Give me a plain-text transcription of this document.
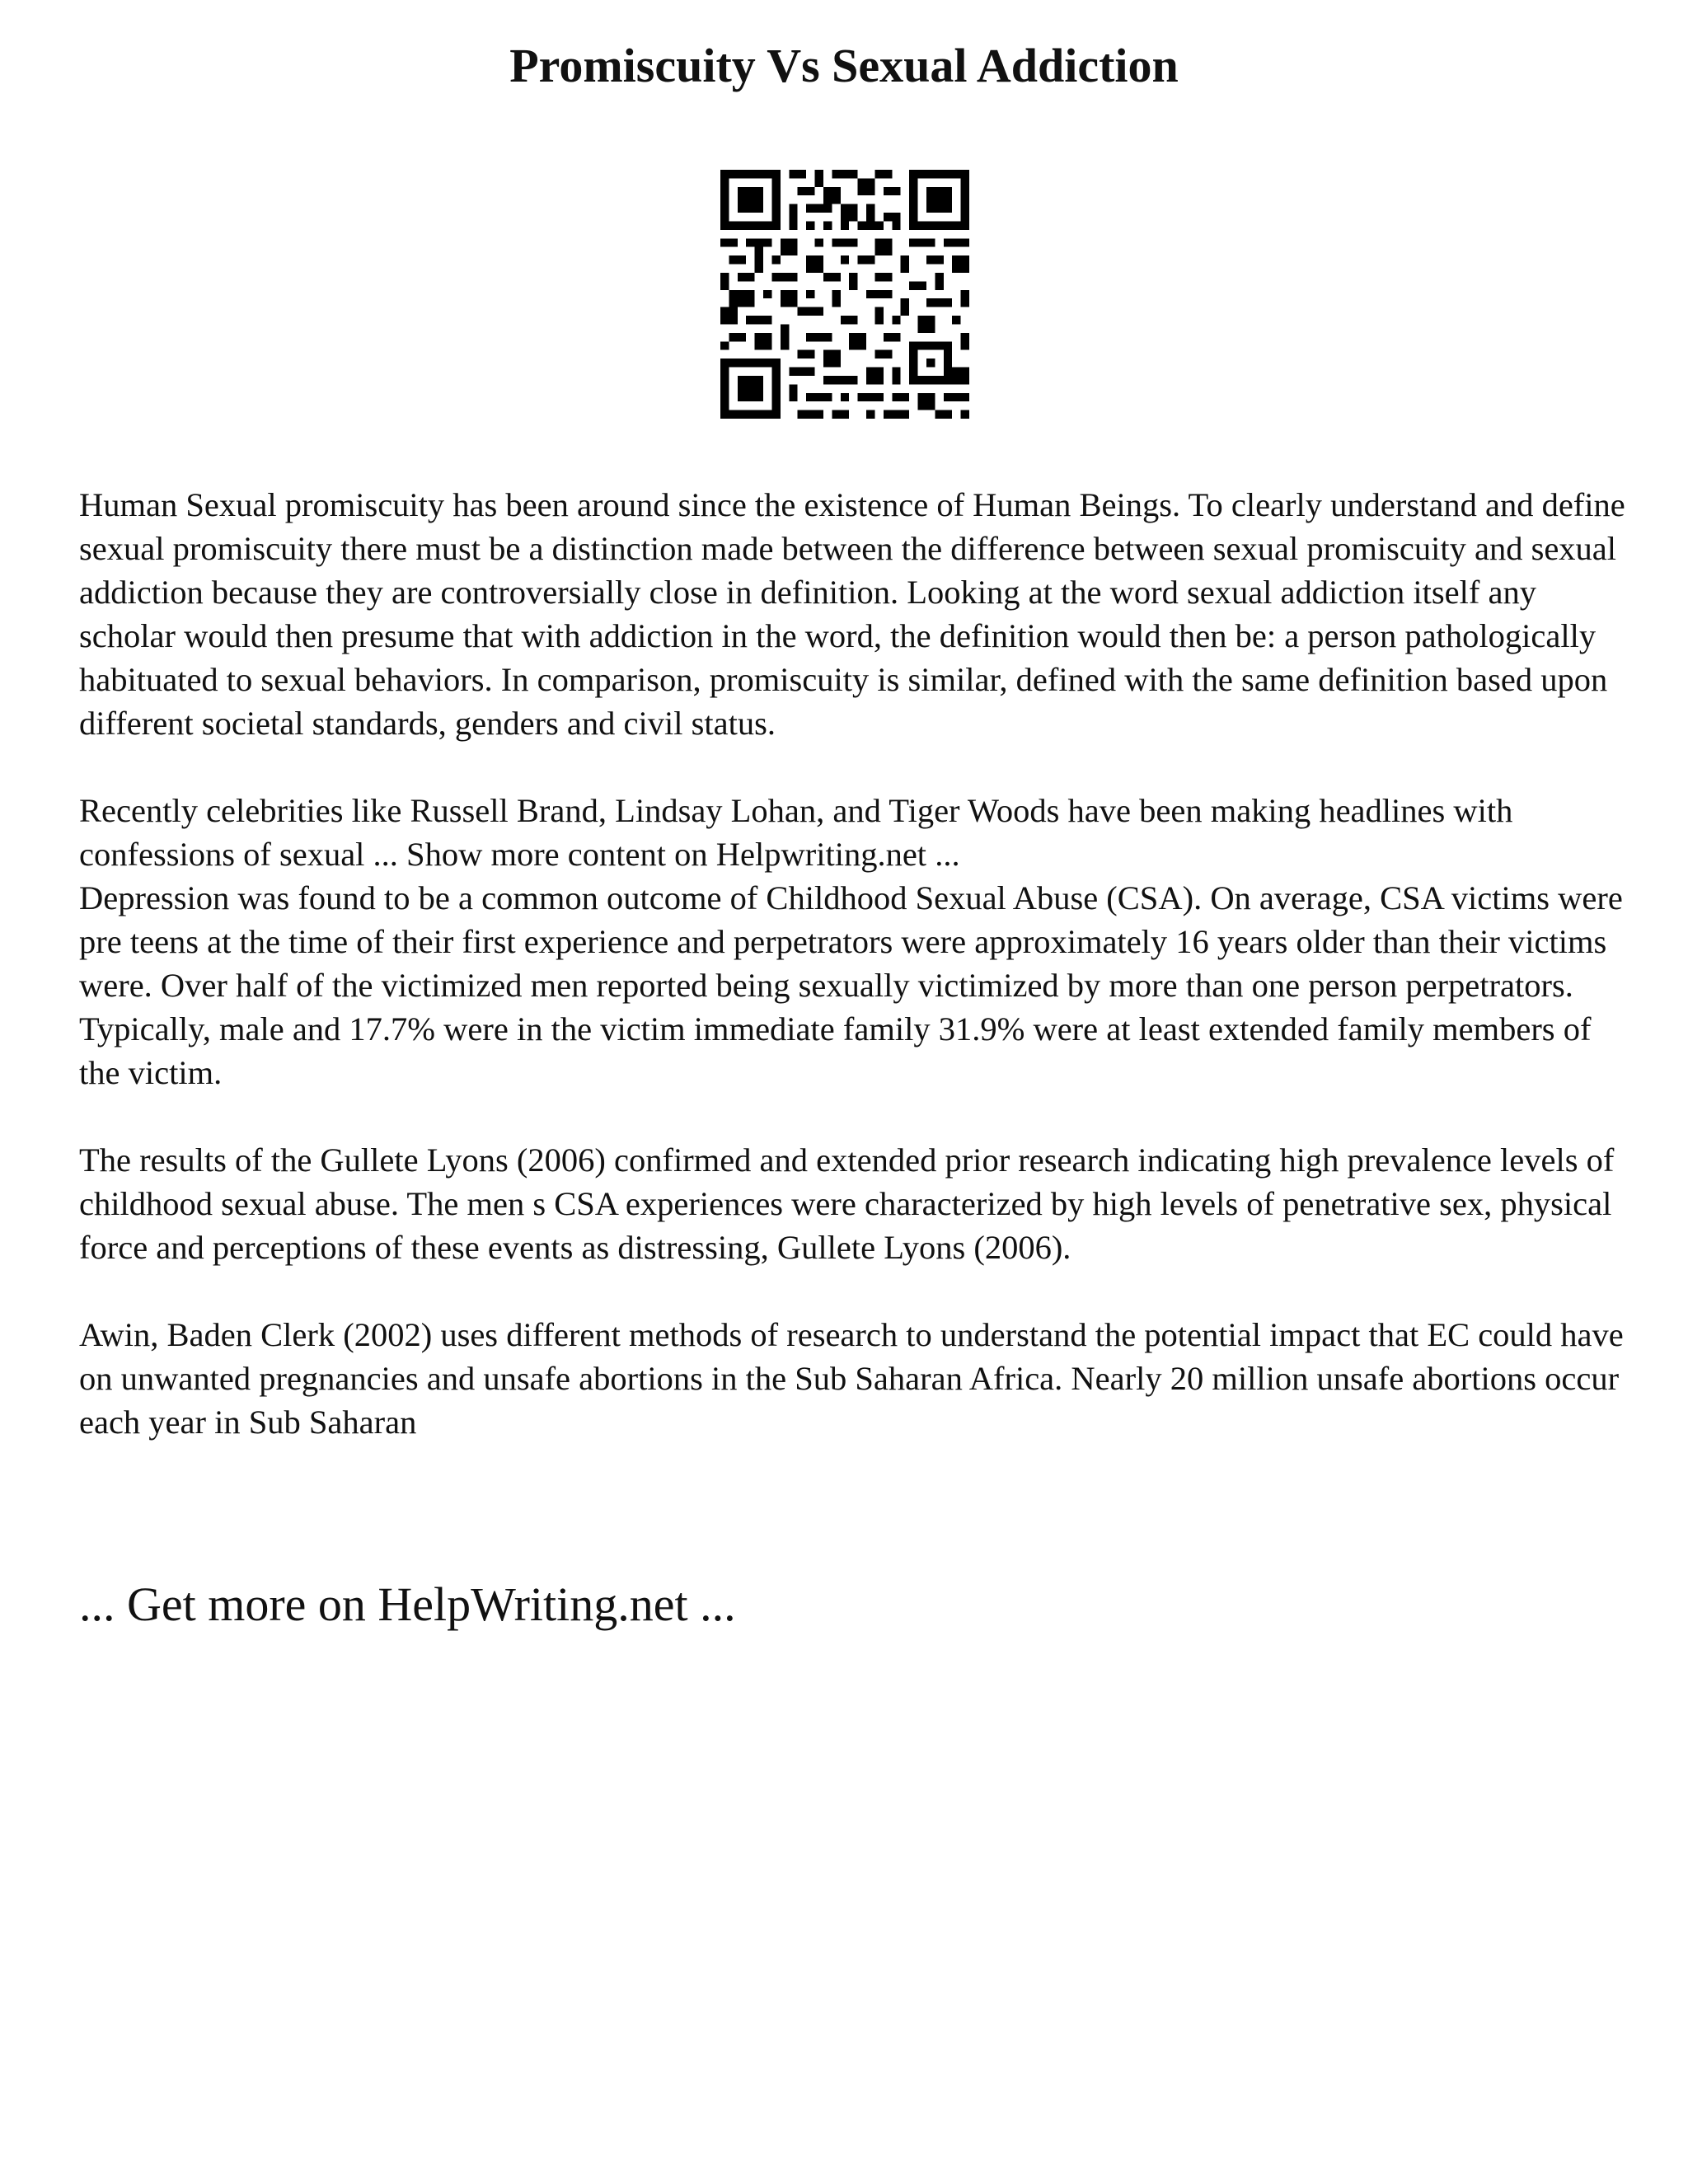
Promiscuity Vs Sexual Addiction

Human Sexual promiscuity has been around since the existence of Human Beings. To clearly understand and define sexual promiscuity there must be a distinction made between the difference between sexual promiscuity and sexual addiction because they are controversially close in definition. Looking at the word sexual addiction itself any scholar would then presume that with addiction in the word, the definition would then be: a person pathologically habituated to sexual behaviors. In comparison, promiscuity is similar, defined with the same definition based upon different societal standards, genders and civil status.

Recently celebrities like Russell Brand, Lindsay Lohan, and Tiger Woods have been making headlines with confessions of sexual ... Show more content on Helpwriting.net ...

Depression was found to be a common outcome of Childhood Sexual Abuse (CSA). On average, CSA victims were pre teens at the time of their first experience and perpetrators were approximately 16 years older than their victims were. Over half of the victimized men reported being sexually victimized by more than one person perpetrators. Typically, male and 17.7% were in the victim immediate family 31.9% were at least extended family members of the victim.

The results of the Gullete Lyons (2006) confirmed and extended prior research indicating high prevalence levels of childhood sexual abuse. The men s CSA experiences were characterized by high levels of penetrative sex, physical force and perceptions of these events as distressing, Gullete Lyons (2006).

Awin, Baden Clerk (2002) uses different methods of research to understand the potential impact that EC could have on unwanted pregnancies and unsafe abortions in the Sub Saharan Africa. Nearly 20 million unsafe abortions occur each year in Sub Saharan

... Get more on HelpWriting.net ...
